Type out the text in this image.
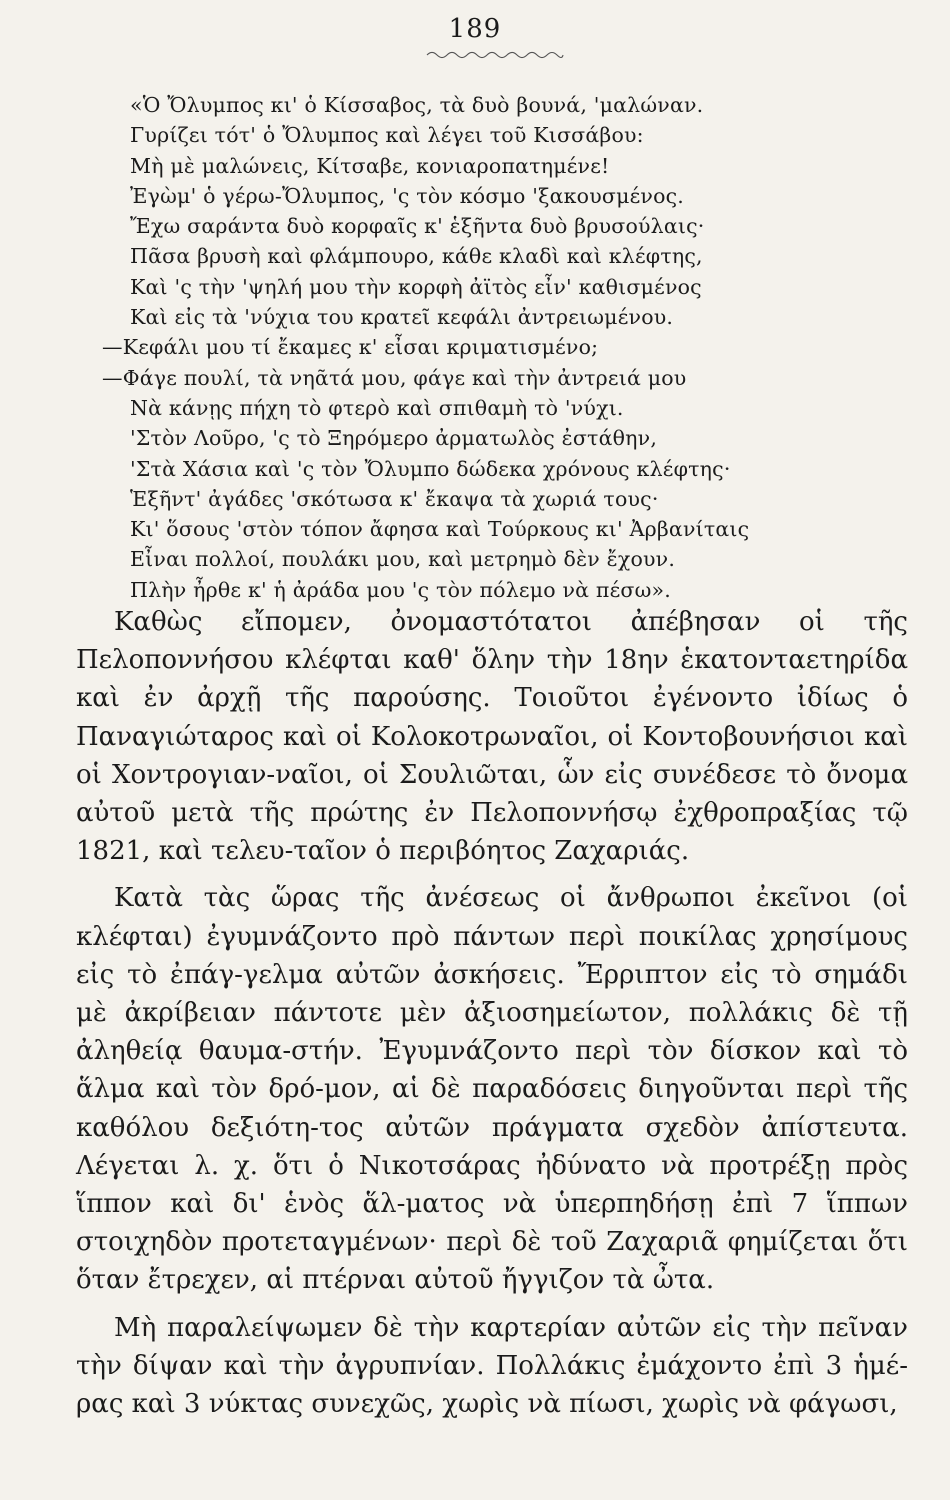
189
«Ὁ Ὄλυμπος κι' ὁ Κίσσαβος, τὰ δυὸ βουνά, 'μαλώναν.
Γυρίζει τότ' ὁ Ὄλυμπος καὶ λέγει τοῦ Κισσάβου:
Μὴ μὲ μαλώνεις, Κίτσαβε, κονιαροπατημένε!
Ἐγὼμ' ὁ γέρω-Ὄλυμπος, 'ς τὸν κόσμο 'ξακουσμένος.
Ἔχω σαράντα δυὸ κορφαῖς κ' ἑξῆντα δυὸ βρυσούλαις·
Πᾶσα βρυσὴ καὶ φλάμπουρο, κάθε κλαδὶ καὶ κλέφτης,
Καὶ 'ς τὴν 'ψηλή μου τὴν κορφὴ ἀϊτὸς εἶν' καθισμένος
Καὶ εἰς τὰ 'νύχια του κρατεῖ κεφάλι ἀντρειωμένου.
—Κεφάλι μου τί ἔκαμες κ' εἶσαι κριματισμένο;
—Φάγε πουλί, τὰ νηᾶτά μου, φάγε καὶ τὴν ἀντρειά μου
Νὰ κάνῃς πήχη τὸ φτερὸ καὶ σπιθαμὴ τὸ 'νύχι.
'Στὸν Λοῦρο, 'ς τὸ Ξηρόμερο ἀρματωλὸς ἐστάθην,
'Στὰ Χάσια καὶ 'ς τὸν Ὄλυμπο δώδεκα χρόνους κλέφτης·
Ἑξῆντ' ἀγάδες 'σκότωσα κ' ἔκαψα τὰ χωριά τους·
Κι' ὅσους 'στὸν τόπον ἄφησα καὶ Τούρκους κι' Ἀρβανίταις
Εἶναι πολλοί, πουλάκι μου, καὶ μετρημὸ δὲν ἔχουν.
Πλὴν ἦρθε κ' ἡ ἀράδα μου 'ς τὸν πόλεμο νὰ πέσω».

Καθὼς εἴπομεν, ὀνομαστότατοι ἀπέβησαν οἱ τῆς Πελοποννήσου κλέφται καθ' ὅλην τὴν 18ην ἑκατονταετηρίδα καὶ ἐν ἀρχῇ τῆς παρούσης. Τοιοῦτοι ἐγένοντο ἰδίως ὁ Παναγιώταρος καὶ οἱ Κολοκοτρωναῖοι, οἱ Κοντοβουνήσιοι καὶ οἱ Χοντρογιαν-ναῖοι, οἱ Σουλιῶται, ὧν εἰς συνέδεσε τὸ ὄνομα αὐτοῦ μετὰ τῆς πρώτης ἐν Πελοποννήσῳ ἐχθροπραξίας τῷ 1821, καὶ τελευ-ταῖον ὁ περιβόητος Ζαχαριάς.

Κατὰ τὰς ὥρας τῆς ἀνέσεως οἱ ἄνθρωποι ἐκεῖνοι (οἱ κλέφται) ἐγυμνάζοντο πρὸ πάντων περὶ ποικίλας χρησίμους εἰς τὸ ἐπάγ-γελμα αὐτῶν ἀσκήσεις. Ἔρριπτον εἰς τὸ σημάδι μὲ ἀκρίβειαν πάντοτε μὲν ἀξιοσημείωτον, πολλάκις δὲ τῇ ἀληθείᾳ θαυμα-στήν. Ἐγυμνάζοντο περὶ τὸν δίσκον καὶ τὸ ἅλμα καὶ τὸν δρό-μον, αἱ δὲ παραδόσεις διηγοῦνται περὶ τῆς καθόλου δεξιότη-τος αὐτῶν πράγματα σχεδὸν ἀπίστευτα. Λέγεται λ. χ. ὅτι ὁ Νικοτσάρας ἠδύνατο νὰ προτρέξῃ πρὸς ἵππον καὶ δι' ἑνὸς ἅλ-ματος νὰ ὑπερπηδήσῃ ἐπὶ 7 ἵππων στοιχηδὸν προτεταγμένων· περὶ δὲ τοῦ Ζαχαριᾶ φημίζεται ὅτι ὅταν ἔτρεχεν, αἱ πτέρναι αὐτοῦ ἤγγιζον τὰ ὦτα.

Μὴ παραλείψωμεν δὲ τὴν καρτερίαν αὐτῶν εἰς τὴν πεῖναν τὴν δίψαν καὶ τὴν ἀγρυπνίαν. Πολλάκις ἐμάχοντο ἐπὶ 3 ἡμέ-ρας καὶ 3 νύκτας συνεχῶς, χωρὶς νὰ πίωσι, χωρὶς νὰ φάγωσι,
